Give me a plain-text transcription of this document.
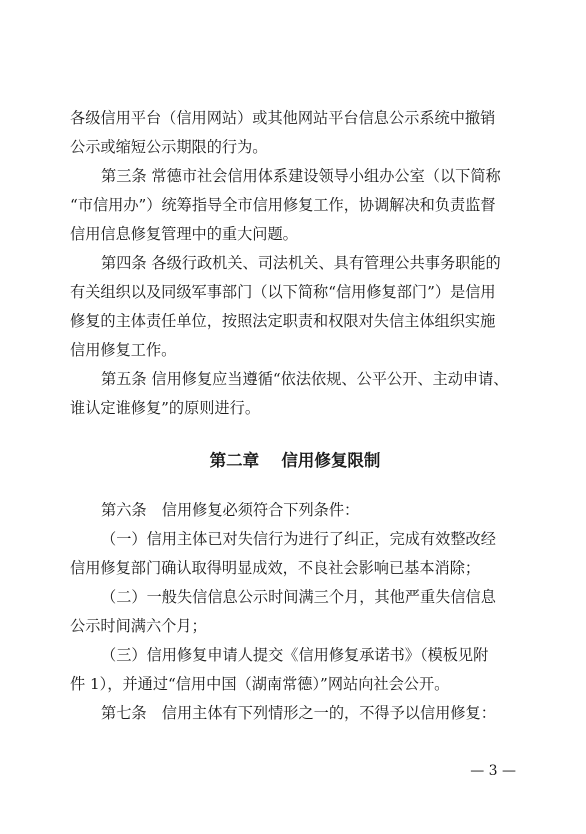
各级信用平台（信用网站）或其他网站平台信息公示系统中撤销
公示或缩短公示期限的行为。
第三条 常德市社会信用体系建设领导小组办公室（以下简称
“市信用办”）统筹指导全市信用修复工作，协调解决和负责监督
信用信息修复管理中的重大问题。
第四条 各级行政机关、司法机关、具有管理公共事务职能的
有关组织以及同级军事部门（以下简称“信用修复部门”）是信用
修复的主体责任单位，按照法定职责和权限对失信主体组织实施
信用修复工作。
第五条 信用修复应当遵循“依法依规、公平公开、主动申请、
谁认定谁修复”的原则进行。
第二章　 信用修复限制
第六条　信用修复必须符合下列条件：
（一）信用主体已对失信行为进行了纠正，完成有效整改经
信用修复部门确认取得明显成效，不良社会影响已基本消除；
（二）一般失信信息公示时间满三个月，其他严重失信信息
公示时间满六个月；
（三）信用修复申请人提交《信用修复承诺书》（模板见附
件 1），并通过“信用中国（湖南常德）”网站向社会公开。
第七条　信用主体有下列情形之一的，不得予以信用修复：
— 3 —
